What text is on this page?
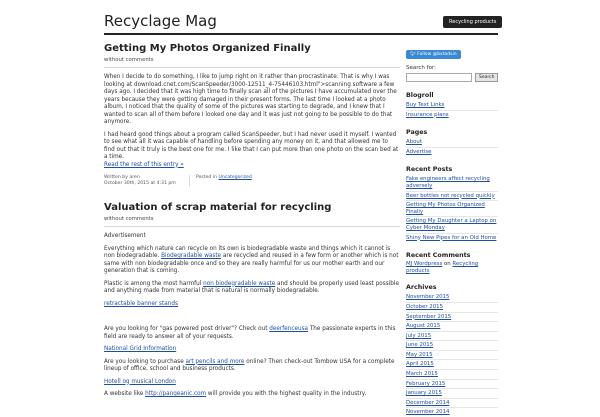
Recyclage Mag	Recycling products
Getting My Photos Organized Finally

without comments

When I decide to do something, I like to jump right on it rather than procrastinate. That is why I was looking at download.cnet.com/ScanSpeeder/3000-12511_4-75446103.html">scanning software a few days ago. I decided that it was high time to finally scan all of the pictures I have accumulated over the years because they were getting damaged in their present forms. The last time I looked at a photo album, I noticed that the quality of some of the pictures was starting to degrade, and I knew that I wanted to scan all of them before I looked one day and it was just not going to be possible to do that anymore.

I had heard good things about a program called ScanSpeeder, but I had never used it myself. I wanted to see what all it was capable of handling before spending any money on it, and that allowed me to find out that it truly is the best one for me. I like that I can put more than one photo on the scan bed at a time.
Read the rest of this entry »

Written by aren
October 30th, 2015 at 4:31 pm
Posted in Uncategorized
Valuation of scrap material for recycling

without comments

Advertisement

Everything which nature can recycle on its own is biodegradable waste and things which it cannot is non biodegradable. Biodegradable waste are recycled and reused in a few form or another which is not same with non biodegradable once and so they are really harmful for us our mother earth and our generation that is coming.

Plastic is among the most harmful non biodegradable waste and should be properly used least possible and anything made from material that is natural is normally biodegradable.

retractable banner stands

Are you looking for "gas powered post driver"? Check out deerfenceusa The passionate experts in this field are ready to answer all of your requests.

National Grid Information

Are you looking to purchase art pencils and more online? Then check-out Tombow USA for a complete lineup of office, school and business products.

Hotell og musical London

A website like http://pangeanic.com will provide you with the highest quality in the industry.

🐦︎ Follow @bxtadsin
Search for:
Search
Blogroll
Buy Text Links
Insurance plans
Pages
About
Advertise
Recent Posts
Fake engineers affect recycling adversely
Beer bottles not recycled quickly
Getting My Photos Organized Finally
Getting My Daughter a Laptop on Cyber Monday
Shiny New Pipes for an Old Home
Recent Comments
MJ Wordpress on Recycling products
Archives
November 2015
October 2015
September 2015
August 2015
July 2015
June 2015
May 2015
April 2015
March 2015
February 2015
January 2015
December 2014
November 2014
